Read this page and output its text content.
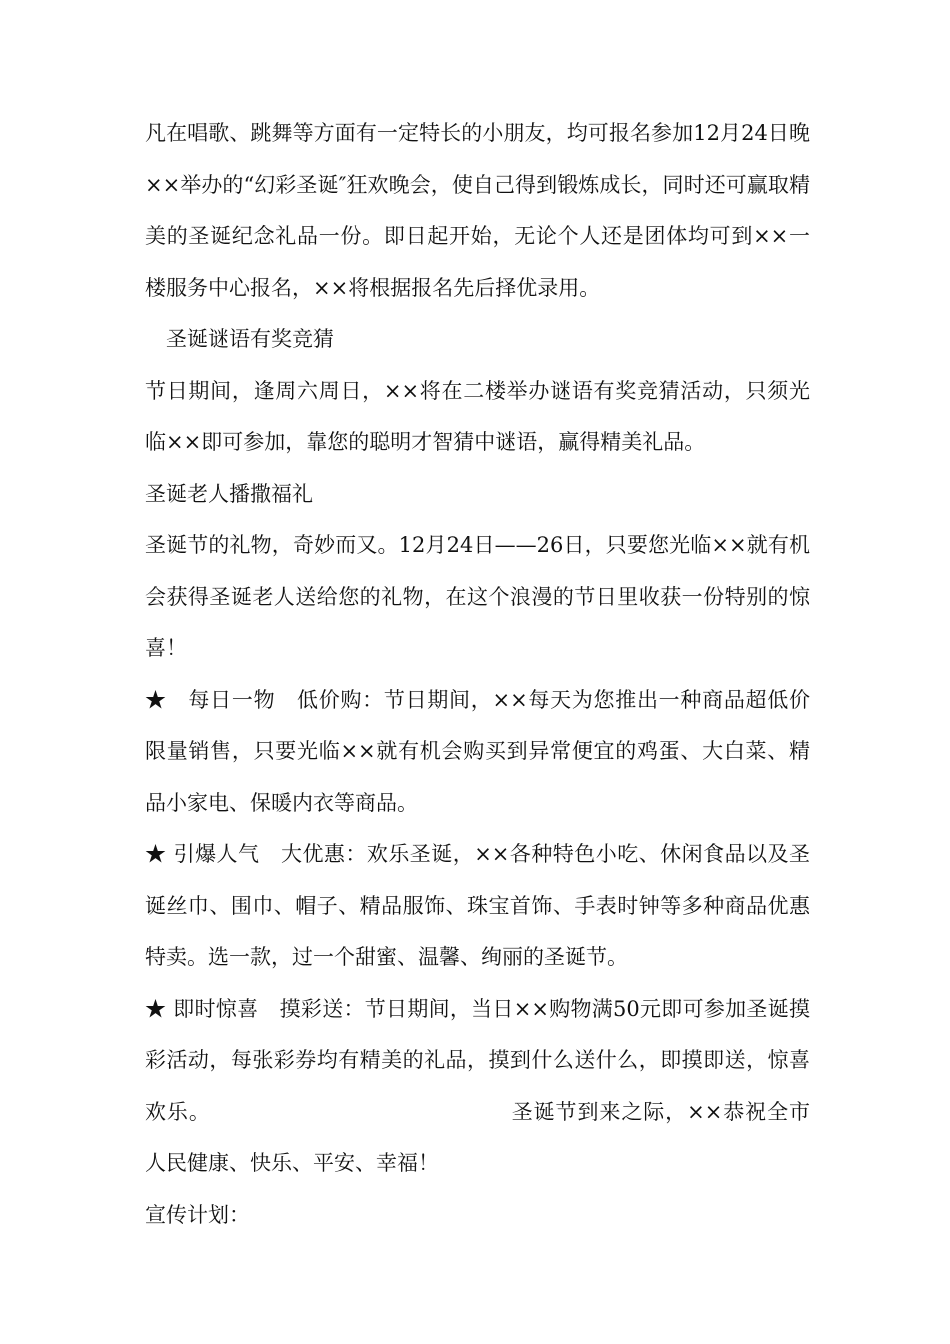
凡在唱歌、跳舞等方面有一定特长的小朋友，均可报名参加12月24日晚××举办的“幻彩圣诞″狂欢晚会，使自己得到锻炼成长，同时还可赢取精美的圣诞纪念礼品一份。即日起开始，无论个人还是团体均可到××一楼服务中心报名，××将根据报名先后择优录用。

圣诞谜语有奖竞猜

节日期间，逢周六周日，××将在二楼举办谜语有奖竞猜活动，只须光临××即可参加，靠您的聪明才智猜中谜语，赢得精美礼品。

圣诞老人播撒福礼

圣诞节的礼物，奇妙而又。12月24日——26日，只要您光临××就有机会获得圣诞老人送给您的礼物，在这个浪漫的节日里收获一份特别的惊喜！

★　每日一物　低价购：节日期间，××每天为您推出一种商品超低价限量销售，只要光临××就有机会购买到异常便宜的鸡蛋、大白菜、精品小家电、保暖内衣等商品。

★ 引爆人气　大优惠：欢乐圣诞，××各种特色小吃、休闲食品以及圣诞丝巾、围巾、帽子、精品服饰、珠宝首饰、手表时钟等多种商品优惠特卖。选一款，过一个甜蜜、温馨、绚丽的圣诞节。

★ 即时惊喜　摸彩送：节日期间，当日××购物满50元即可参加圣诞摸彩活动，每张彩券均有精美的礼品，摸到什么送什么，即摸即送，惊喜欢乐。	圣诞节到来之际，××恭祝全市人民健康、快乐、平安、幸福！

宣传计划：
